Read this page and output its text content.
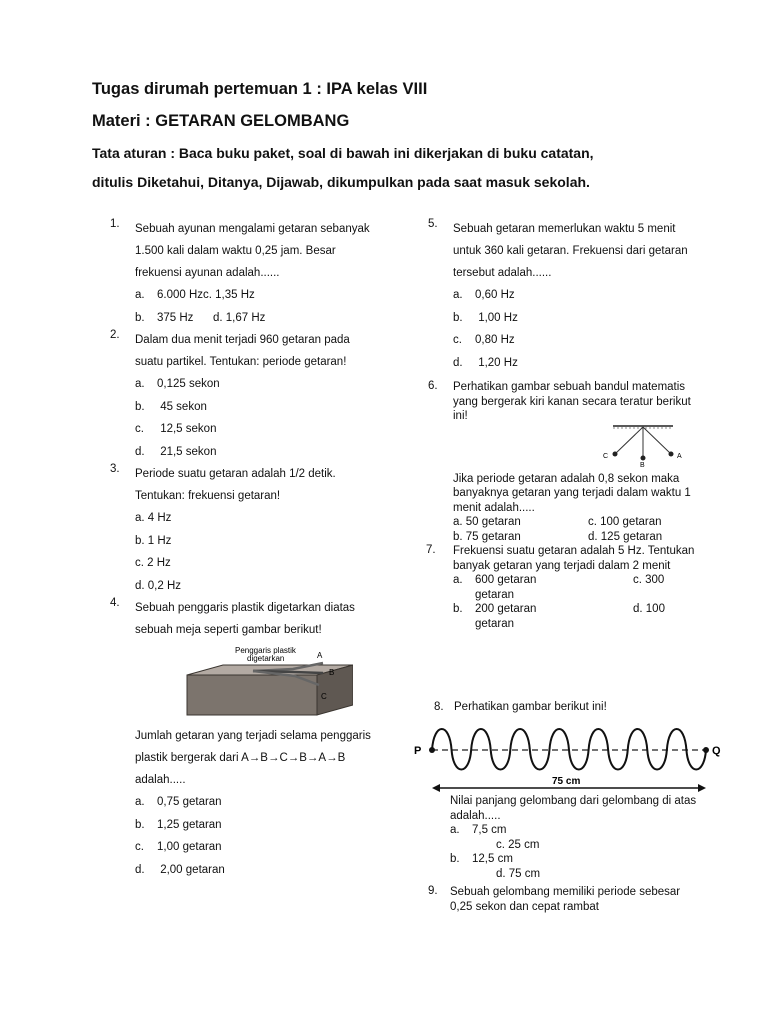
Tugas dirumah pertemuan 1 : IPA kelas VIII
Materi : GETARAN GELOMBANG
Tata aturan : Baca buku paket, soal di bawah ini dikerjakan di buku catatan,
ditulis Diketahui, Ditanya, Dijawab, dikumpulkan pada saat masuk sekolah.
1. Sebuah ayunan mengalami getaran sebanyak 1.500 kali dalam waktu 0,25 jam. Besar frekuensi ayunan adalah......
a. 6.000 Hz c. 1,35 Hz
b. 375 Hz d. 1,67 Hz
2. Dalam dua menit terjadi 960 getaran pada suatu partikel. Tentukan: periode getaran!
a. 0,125 sekon
b. 45 sekon
c. 12,5 sekon
d. 21,5 sekon
3. Periode suatu getaran adalah 1/2 detik. Tentukan: frekuensi getaran!
a. 4 Hz
b. 1 Hz
c. 2 Hz
d. 0,2 Hz
4. Sebuah penggaris plastik digetarkan diatas sebuah meja seperti gambar berikut!
Penggaris plastik
digetarkan	A
B
C
Jumlah getaran yang terjadi selama penggaris plastik bergerak dari A→B→C→B→A→B adalah.....
a. 0,75 getaran
b. 1,25 getaran
c. 1,00 getaran
d. 2,00 getaran
5. Sebuah getaran memerlukan waktu 5 menit untuk 360 kali getaran. Frekuensi dari getaran tersebut adalah......
a. 0,60 Hz
b. 1,00 Hz
c. 0,80 Hz
d. 1,20 Hz
6. Perhatikan gambar sebuah bandul matematis yang bergerak kiri kanan secara teratur berikut ini!
C
B
A
Jika periode getaran adalah 0,8 sekon maka banyaknya getaran yang terjadi dalam waktu 1 menit adalah.....
a. 50 getaran	c. 100 getaran
b. 75 getaran	d. 125 getaran
7. Frekuensi suatu getaran adalah 5 Hz. Tentukan banyak getaran yang terjadi dalam 2 menit
a. 600 getaran	c. 300
getaran
b. 200 getaran	d. 100
getaran
8. Perhatikan gambar berikut ini!
P	Q
75 cm
Nilai panjang gelombang dari gelombang di atas adalah.....
a. 7,5 cm
c. 25 cm
b. 12,5 cm
d. 75 cm
9. Sebuah gelombang memiliki periode sebesar 0,25 sekon dan cepat rambat
